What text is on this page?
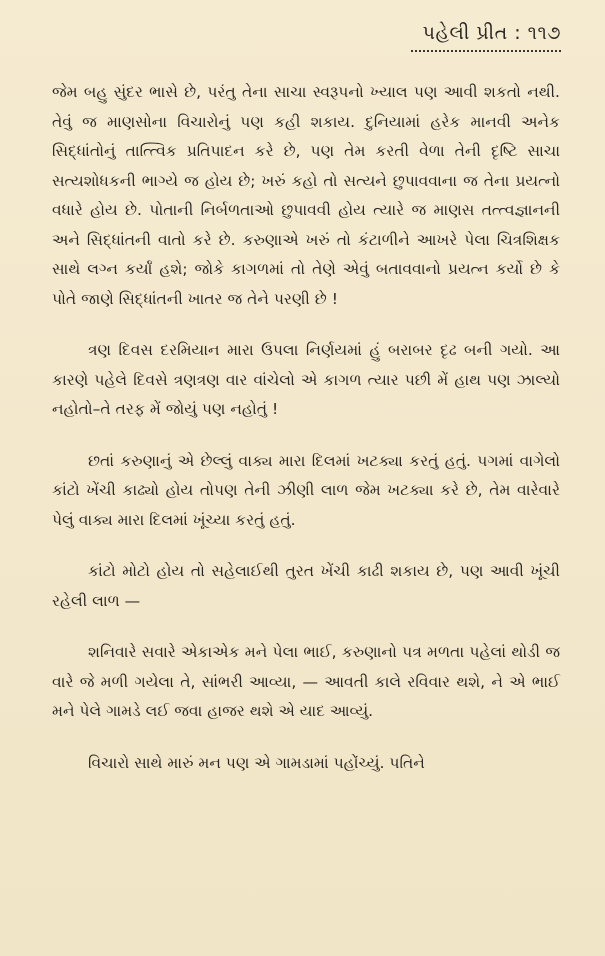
પહેલી પ્રીત : ૧૧૭

જેમ બહુ સુંદર ભાસે છે, પરંતુ તેના સાચા સ્વરૂપનો ખ્યાલ પણ આવી શકતો નથી. તેવું જ માણસોના વિચારોનું પણ કહી શકાય. દુનિયામાં હરેક માનવી અનેક સિદ્ધાંતોનું તાત્ત્વિક પ્રતિપાદન કરે છે, પણ તેમ કરતી વેળા તેની દૃષ્ટિ સાચા સત્યશોધકની ભાગ્યે જ હોય છે; ખરું કહો તો સત્યને છુપાવવાના જ તેના પ્રયત્નો વધારે હોય છે. પોતાની નિર્બળતાઓ છુપાવવી હોય ત્યારે જ માણસ તત્ત્વજ્ઞાનની અને સિદ્ધાંતની વાતો કરે છે. કરુણાએ ખરું તો કંટાળીને આખરે પેલા ચિત્રશિક્ષક સાથે લગ્ન કર્યાં હશે; જોકે કાગળમાં તો તેણે એવું બતાવવાનો પ્રયત્ન કર્યો છે કે પોતે જાણે સિદ્ધાંતની ખાતર જ તેને પરણી છે !

ત્રણ દિવસ દરમિયાન મારા ઉપલા નિર્ણયમાં હું બરાબર દૃઢ બની ગયો. આ કારણે પહેલે દિવસે ત્રણત્રણ વાર વાંચેલો એ કાગળ ત્યાર પછી મેં હાથ પણ ઝાલ્યો નહોતો–તે તરફ મેં જોયું પણ નહોતું !

છતાં કરુણાનું એ છેલ્લું વાક્ય મારા દિલમાં ખટક્યા કરતું હતું. પગમાં વાગેલો કાંટો ખેંચી કાઢ્યો હોય તોપણ તેની ઝીણી લાળ જેમ ખટક્યા કરે છે, તેમ વારેવારે પેલું વાક્ય મારા દિલમાં ખૂંચ્યા કરતું હતું.

કાંટો મોટો હોય તો સહેલાઈથી તુરત ખેંચી કાઢી શકાય છે, પણ આવી ખૂંચી રહેલી લાળ —

શનિવારે સવારે એકાએક મને પેલા ભાઈ, કરુણાનો પત્ર મળતા પહેલાં થોડી જ વારે જે મળી ગયેલા તે, સાંભરી આવ્યા, — આવતી કાલે રવિવાર થશે, ને એ ભાઈ મને પેલે ગામડે લઈ જવા હાજર થશે એ યાદ આવ્યું.

વિચારો સાથે મારું મન પણ એ ગામડામાં પહોંચ્યું. પતિને
